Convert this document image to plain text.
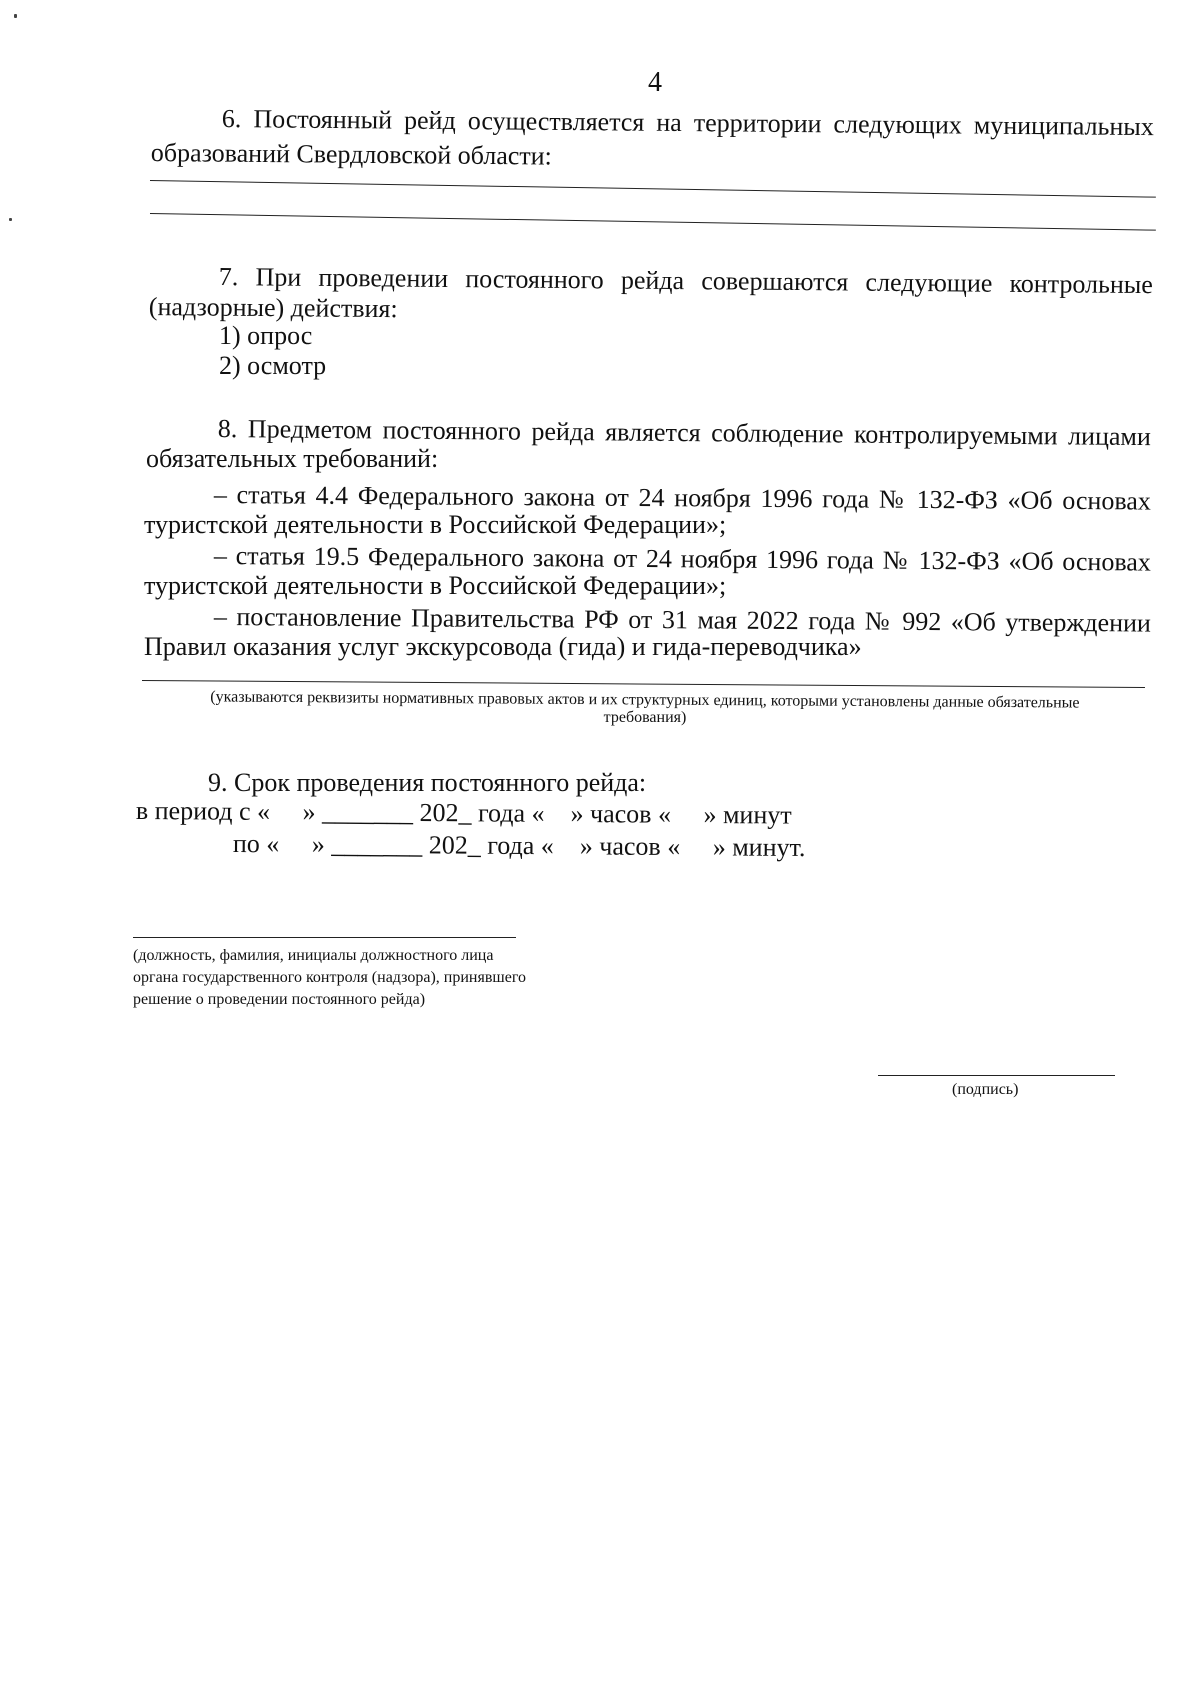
4
6. Постоянный рейд осуществляется на территории следующих муниципальных
образований Свердловской области:
7. При проведении постоянного рейда совершаются следующие контрольные
(надзорные) действия:
1) опрос
2) осмотр
8. Предметом постоянного рейда является соблюдение контролируемыми лицами
обязательных требований:
– статья 4.4 Федерального закона от 24 ноября 1996 года № 132-ФЗ «Об основах
туристской деятельности в Российской Федерации»;
– статья 19.5 Федерального закона от 24 ноября 1996 года № 132-ФЗ «Об основах
туристской деятельности в Российской Федерации»;
– постановление Правительства РФ от 31 мая 2022 года № 992 «Об утверждении
Правил оказания услуг экскурсовода (гида) и гида-переводчика»
(указываются реквизиты нормативных правовых актов и их структурных единиц, которыми установлены данные обязательные
требования)
9. Срок проведения постоянного рейда:
в период с «     » _______ 202_ года «    » часов «     » минут
по «     » _______ 202_ года «    » часов «     » минут.
(должность, фамилия, инициалы должностного лица
органа государственного контроля (надзора), принявшего
решение о проведении постоянного рейда)
(подпись)
